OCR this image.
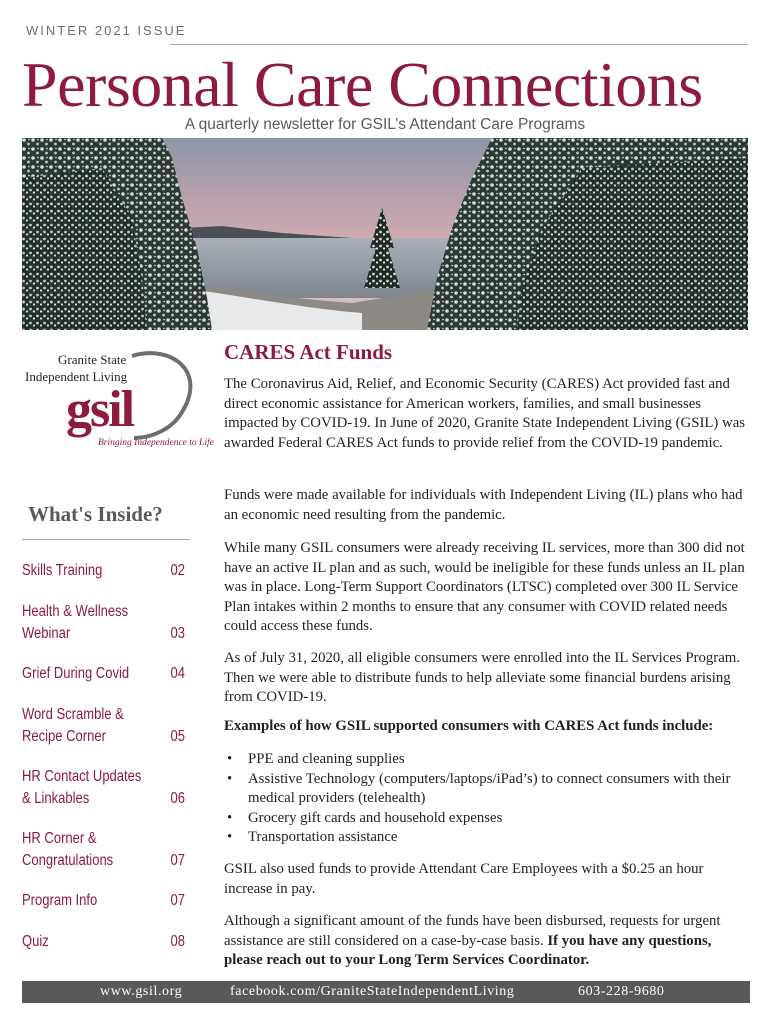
WINTER 2021 ISSUE
Personal Care Connections
A quarterly newsletter for GSIL’s Attendant Care Programs
Granite State
Independent Living
gsil
Bringing Independence to Life
What's Inside?
Skills Training	02
Health & Wellness
Webinar	03
Grief During Covid	04
Word Scramble &
Recipe Corner	05
HR Contact Updates
& Linkables	06
HR Corner &
Congratulations	07
Program Info	07
Quiz	08
CARES Act Funds

The Coronavirus Aid, Relief, and Economic Security (CARES) Act provided fast and direct economic assistance for American workers, families, and small businesses impacted by COVID-19. In June of 2020, Granite State Independent Living (GSIL) was awarded Federal CARES Act funds to provide relief from the COVID-19 pandemic.

Funds were made available for individuals with Independent Living (IL) plans who had an economic need resulting from the pandemic.

While many GSIL consumers were already receiving IL services, more than 300 did not have an active IL plan and as such, would be ineligible for these funds unless an IL plan was in place. Long-Term Support Coordinators (LTSC) completed over 300 IL Service Plan intakes within 2 months to ensure that any consumer with COVID related needs could access these funds.

As of July 31, 2020, all eligible consumers were enrolled into the IL Services Program. Then we were able to distribute funds to help alleviate some financial burdens arising from COVID-19.

Examples of how GSIL supported consumers with CARES Act funds include:

• PPE and cleaning supplies
• Assistive Technology (computers/laptops/iPad’s) to connect consumers with their medical providers (telehealth)
• Grocery gift cards and household expenses
• Transportation assistance

GSIL also used funds to provide Attendant Care Employees with a $0.25 an hour increase in pay.

Although a significant amount of the funds have been disbursed, requests for urgent assistance are still considered on a case-by-case basis. If you have any questions, please reach out to your Long Term Services Coordinator.

www.gsil.org	facebook.com/GraniteStateIndependentLiving	603-228-9680
